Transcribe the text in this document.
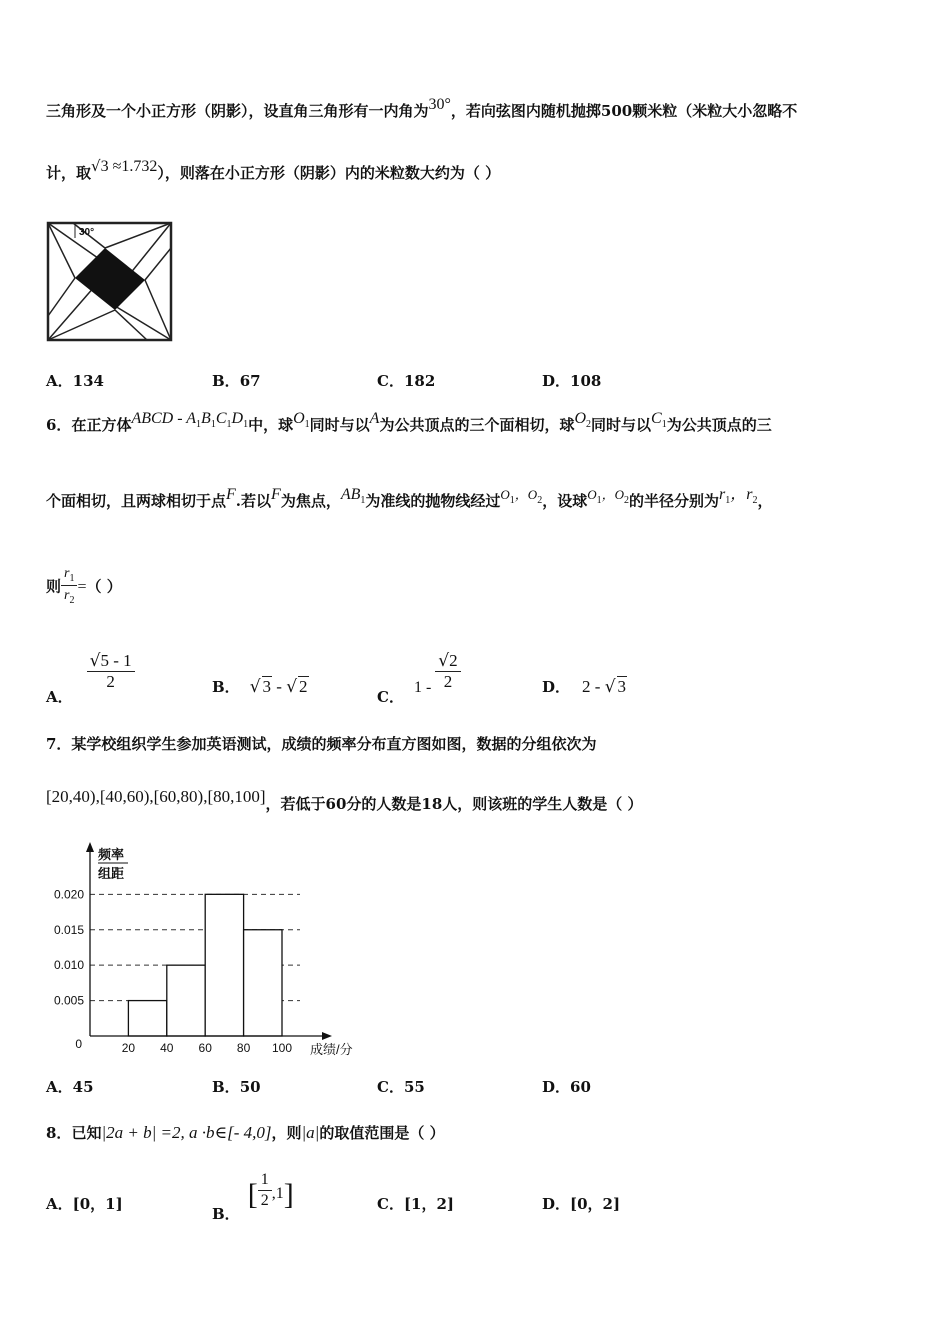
三角形及一个小正方形（阴影），设直角三角形有一内角为30°，若向弦图内随机抛掷500颗米粒（米粒大小忽略不
计，取√3 ≈1.732），则落在小正方形（阴影）内的米粒数大约为（ ）
30°
A．134	B．67	C．182	D．108
6．在正方体ABCD - $A_1B_1C_1D_1$中，球$O_1$同时与以A为公共顶点的三个面相切，球$O_2$同时与以$C_1$为公共顶点的三
个面相切，且两球相切于点F.若以F为焦点，$AB_1$为准线的抛物线经过$O_1$，$O_2$，设球$O_1$，$O_2$的半径分别为$r_1$，$r_2$，
则 $\frac{r_1}{r_2}$ =（ ）
A．
$\frac{√5 - 1}{2}$	B． √ 3 - √ 2
C．$1 - \frac{√2}{2}$	D． 2 - √ 3
7．某学校组织学生参加英语测试，成绩的频率分布直方图如图，数据的分组依次为
[20,40),[40,60),[60,80),[80,100]，若低于60分的人数是18人，则该班的学生人数是（ ）
0.005
0.010
0.015
0.020
20 40 60 80 100
0	成绩/分
频率
组距
A．45	B．50	C．55	D．60
8．已知|2a + b| =2, a ·b∈[- 4,0]，则|a|的取值范围是（ ）
A．[0，1]
B．[ $\frac{1}{2} ,1$]	C．[1，2]	D．[0，2]
